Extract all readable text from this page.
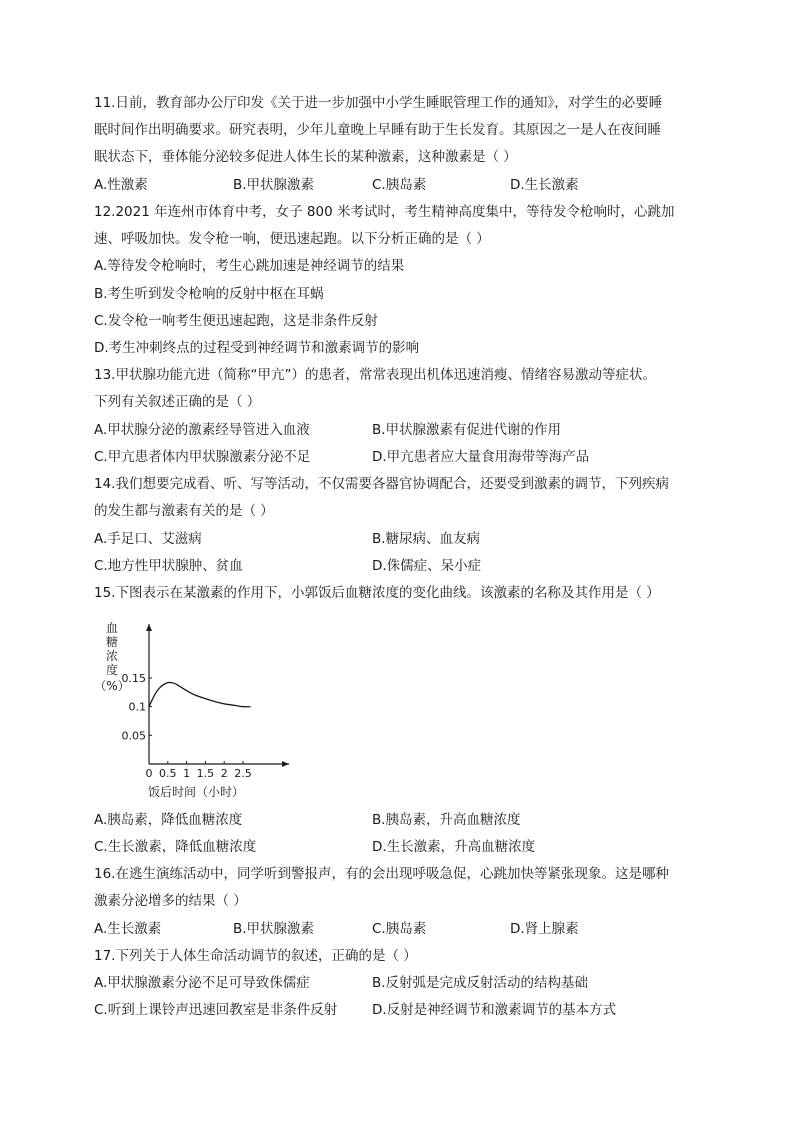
11.日前，教育部办公厅印发《关于进一步加强中小学生睡眠管理工作的通知》，对学生的必要睡
眠时间作出明确要求。研究表明，少年儿童晚上早睡有助于生长发育。其原因之一是人在夜间睡
眠状态下，垂体能分泌较多促进人体生长的某种激素，这种激素是（ ）
A.性激素	B.甲状腺激素	C.胰岛素	D.生长激素
12.2021 年连州市体育中考，女子 800 米考试时，考生精神高度集中，等待发令枪响时，心跳加
速、呼吸加快。发令枪一响，便迅速起跑。以下分析正确的是（ ）
A.等待发令枪响时，考生心跳加速是神经调节的结果
B.考生听到发令枪响的反射中枢在耳蜗
C.发令枪一响考生便迅速起跑，这是非条件反射
D.考生冲刺终点的过程受到神经调节和激素调节的影响
13.甲状腺功能亢进（简称“甲亢”）的患者，常常表现出机体迅速消瘦、情绪容易激动等症状。
下列有关叙述正确的是（ ）
A.甲状腺分泌的激素经导管进入血液	B.甲状腺激素有促进代谢的作用
C.甲亢患者体内甲状腺激素分泌不足	D.甲亢患者应大量食用海带等海产品
14.我们想要完成看、听、写等活动，不仅需要各器官协调配合，还要受到激素的调节，下列疾病
的发生都与激素有关的是（ ）
A.手足口、艾滋病	B.糖尿病、血友病
C.地方性甲状腺肿、贫血	D.侏儒症、呆小症
15.下图表示在某激素的作用下，小郭饭后血糖浓度的变化曲线。该激素的名称及其作用是（ ）
0 0.5 1 1.5 2 2.5
0.05
0.1
0.15
血
糖
浓
度
（%）
饭后时间（小时）
A.胰岛素，降低血糖浓度	B.胰岛素，升高血糖浓度
C.生长激素，降低血糖浓度	D.生长激素，升高血糖浓度
16.在逃生演练活动中，同学听到警报声，有的会出现呼吸急促，心跳加快等紧张现象。这是哪种
激素分泌增多的结果（ ）
A.生长激素	B.甲状腺激素	C.胰岛素	D.肾上腺素
17.下列关于人体生命活动调节的叙述，正确的是（ ）
A.甲状腺激素分泌不足可导致侏儒症	B.反射弧是完成反射活动的结构基础
C.听到上课铃声迅速回教室是非条件反射	D.反射是神经调节和激素调节的基本方式
